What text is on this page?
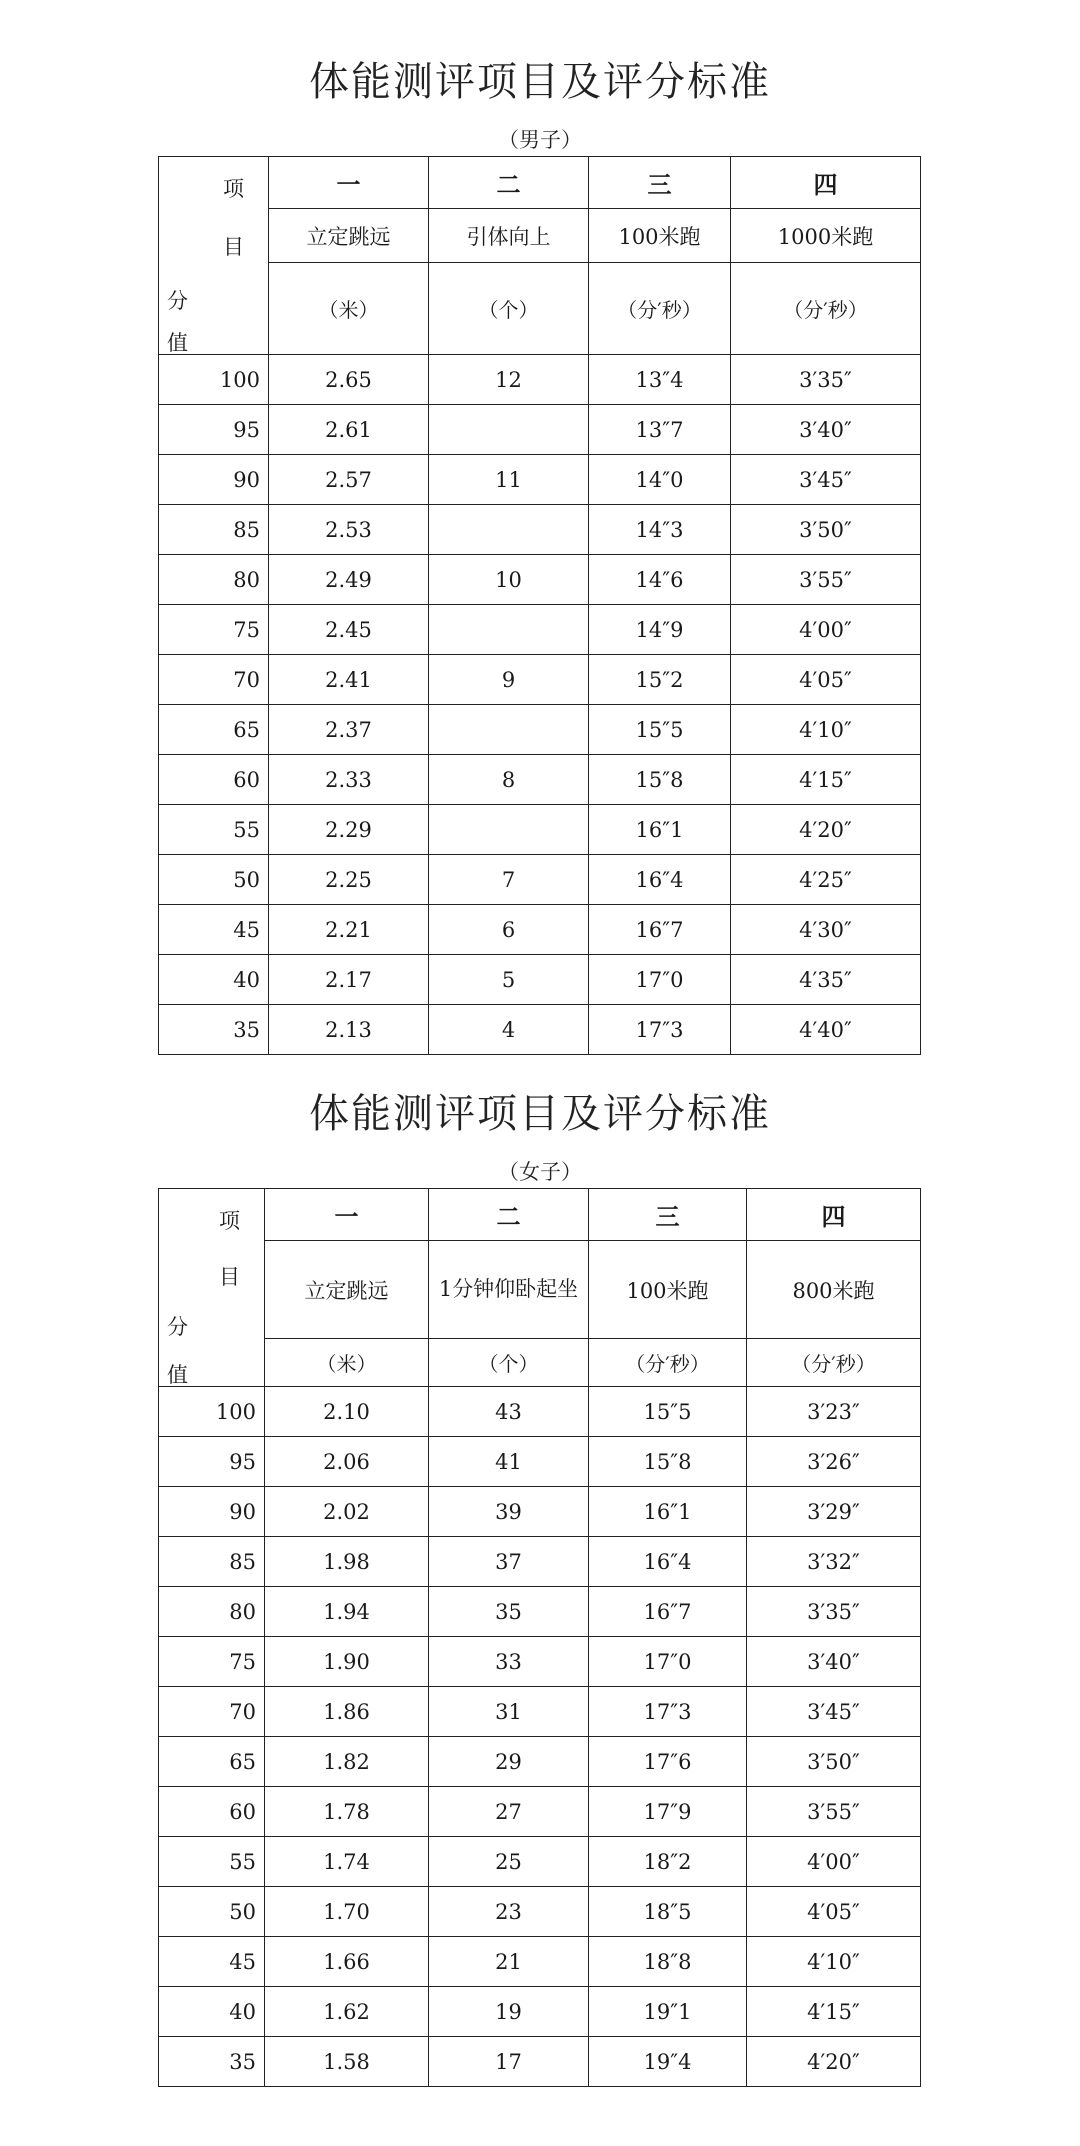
体能测评项目及评分标准
（男子）
项
目
分
值	一	二	三	四
	立定跳远	引体向上	100米跑	1000米跑
	（米）	（个）	（分′秒）	（分′秒）
100	2.65	12	13″4	3′35″
95	2.61		13″7	3′40″
90	2.57	11	14″0	3′45″
85	2.53		14″3	3′50″
80	2.49	10	14″6	3′55″
75	2.45		14″9	4′00″
70	2.41	9	15″2	4′05″
65	2.37		15″5	4′10″
60	2.33	8	15″8	4′15″
55	2.29		16″1	4′20″
50	2.25	7	16″4	4′25″
45	2.21	6	16″7	4′30″
40	2.17	5	17″0	4′35″
35	2.13	4	17″3	4′40″
体能测评项目及评分标准
（女子）
项
目
分
值	一	二	三	四
	立定跳远	1分钟仰卧起坐	100米跑	800米跑
	（米）	（个）	（分′秒）	（分′秒）
100	2.10	43	15″5	3′23″
95	2.06	41	15″8	3′26″
90	2.02	39	16″1	3′29″
85	1.98	37	16″4	3′32″
80	1.94	35	16″7	3′35″
75	1.90	33	17″0	3′40″
70	1.86	31	17″3	3′45″
65	1.82	29	17″6	3′50″
60	1.78	27	17″9	3′55″
55	1.74	25	18″2	4′00″
50	1.70	23	18″5	4′05″
45	1.66	21	18″8	4′10″
40	1.62	19	19″1	4′15″
35	1.58	17	19″4	4′20″
